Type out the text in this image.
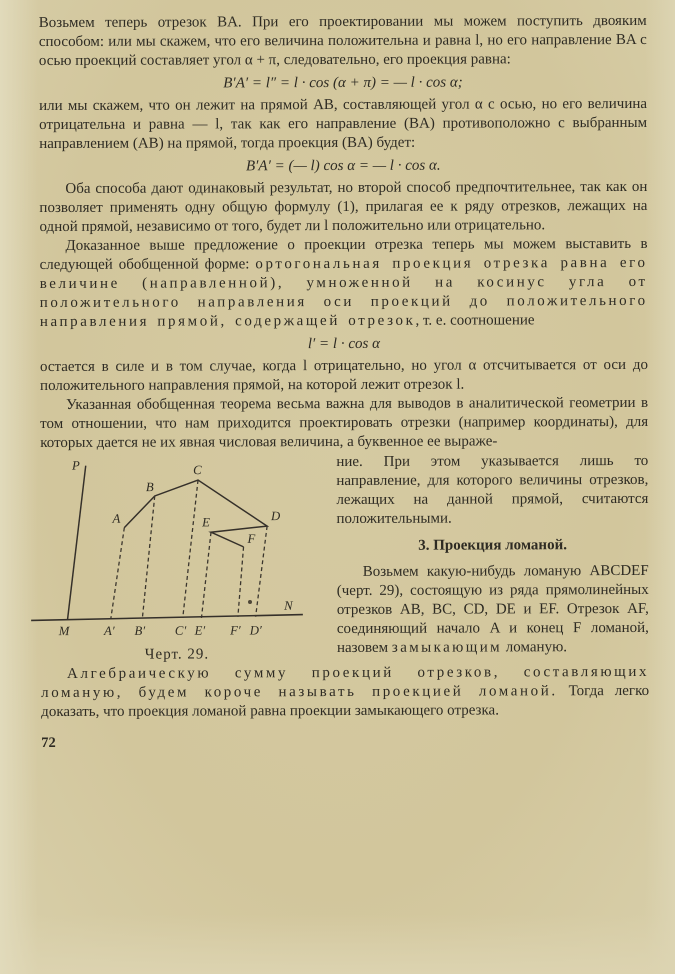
Возьмем теперь отрезок BA. При его проектировании мы можем поступить двояким способом: или мы скажем, что его величина положительна и равна l, но его направление BA с осью проекций составляет угол α + π, следовательно, его проекция равна:

B′A′ = l″ = l · cos (α + π) = — l · cos α;

или мы скажем, что он лежит на прямой AB, составляющей угол α с осью, но его величина отрицательна и равна — l, так как его направление (BA) противоположно с выбранным направлением (AB) на прямой, тогда проекция (BA) будет:

B′A′ = (— l) cos α = — l · cos α.

Оба способа дают одинаковый результат, но второй способ предпочтительнее, так как он позволяет применять одну общую формулу (1), прилагая ее к ряду отрезков, лежащих на одной прямой, независимо от того, будет ли l положительно или отрицательно.

Доказанное выше предложение о проекции отрезка теперь мы можем выставить в следующей обобщенной форме: ортогональная проекция отрезка равна его величине (направленной), умноженной на косинус угла от положительного направления оси проекций до положительного направления прямой, содержащей отрезок, т. е. соотношение

l′ = l · cos α

остается в силе и в том случае, когда l отрицательно, но угол α отсчитывается от оси до положительного направления прямой, на которой лежит отрезок l.

Указанная обобщенная теорема весьма важна для выводов в аналитической геометрии в том отношении, что нам приходится проектировать отрезки (например координаты), для которых дается не их явная числовая величина, а буквенное ее выраже-

A
A′
B
B′
C
C′
D
D′
E
E′
F
F′
P
M
N
Черт. 29.

ние. При этом указывается лишь то направление, для которого величины отрезков, лежащих на данной прямой, считаются положительными.

3. Проекция ломаной.

Возьмем какую-нибудь ломаную ABCDEF (черт. 29), состоящую из ряда прямолинейных отрезков AB, BC, CD, DE и EF. Отрезок AF, соединяющий начало A и конец F ломаной, назовем замыкающим ломаную.

Алгебраическую сумму проекций отрезков, составляющих ломаную, будем короче называть проекцией ломаной. Тогда легко доказать, что проекция ломаной равна проекции замыкающего отрезка.

72
